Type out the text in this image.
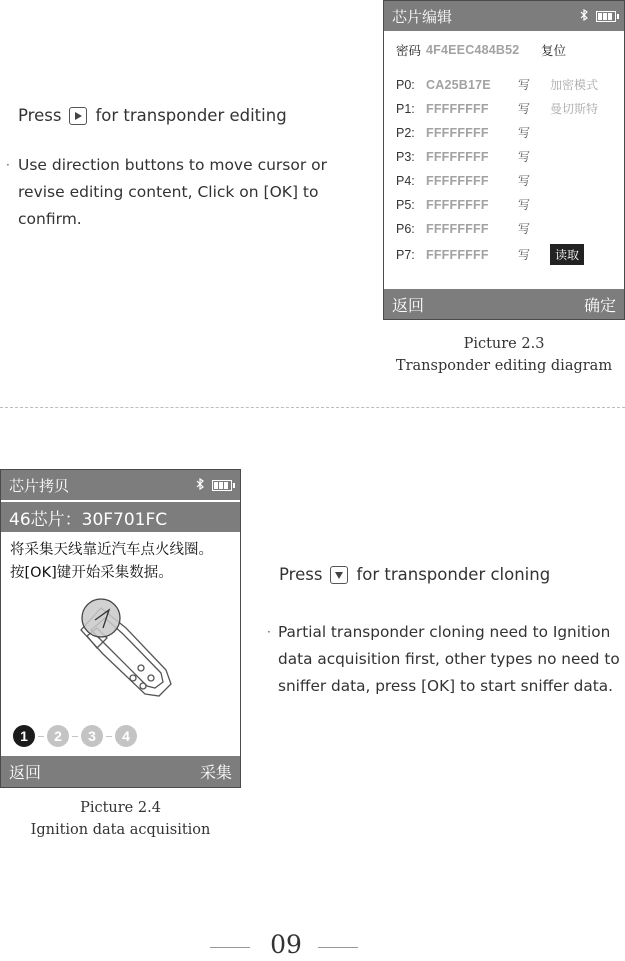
Press for transponder editing
· Use direction buttons to move cursor or
revise editing content, Click on [OK] to
confirm.
芯片编辑
密码 4F4EEC484B52	复位
P0: CA25B17E	写	加密模式
P1: FFFFFFFF	写	曼切斯特
P2: FFFFFFFF	写
P3: FFFFFFFF	写
P4: FFFFFFFF	写
P5: FFFFFFFF	写
P6: FFFFFFFF	写
P7: FFFFFFFF	写	读取
返回	确定
Picture 2.3
Transponder editing diagram
芯片拷贝
46芯片：30F701FC
将采集天线靠近汽车点火线圈。
按[OK]键开始采集数据。
1	2	3	4
返回	采集
Picture 2.4
Ignition data acquisition
Press for transponder cloning
· Partial transponder cloning need to Ignition
data acquisition first, other types no need to
sniffer data, press [OK] to start sniffer data.
09
